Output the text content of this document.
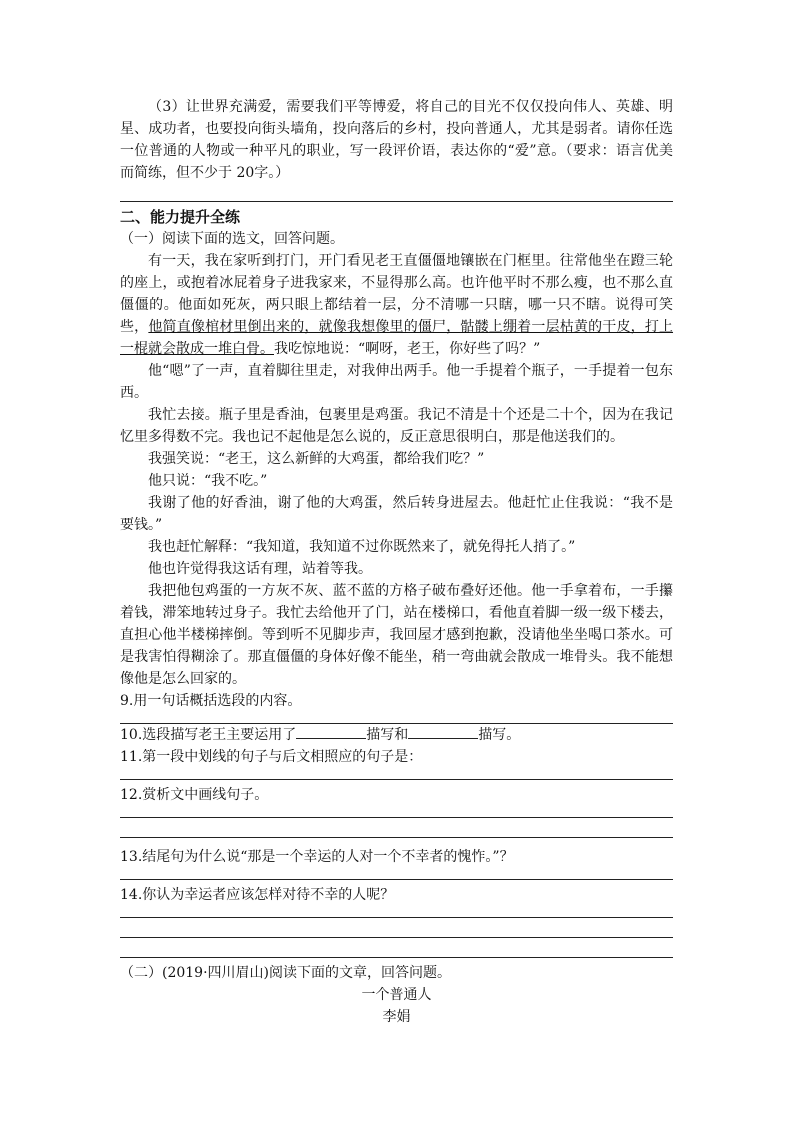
（3）让世界充满爱，需要我们平等博爱，将自己的目光不仅仅投向伟人、英雄、明星、成功者，也要投向街头墙角，投向落后的乡村，投向普通人，尤其是弱者。请你任选一位普通的人物或一种平凡的职业，写一段评价语，表达你的“爱”意。（要求：语言优美而简练，但不少于 20字。）

二、能力提升全练

（一）阅读下面的选文，回答问题。

有一天，我在家听到打门，开门看见老王直僵僵地镶嵌在门框里。往常他坐在蹬三轮的座上，或抱着冰屁着身子进我家来，不显得那么高。也许他平时不那么瘦，也不那么直僵僵的。他面如死灰，两只眼上都结着一层，分不清哪一只瞎，哪一只不瞎。说得可笑些，他简直像棺材里倒出来的，就像我想像里的僵尸，骷髅上绷着一层枯黄的干皮，打上一棍就会散成一堆白骨。我吃惊地说：“啊呀，老王，你好些了吗？”

他“嗯”了一声，直着脚往里走，对我伸出两手。他一手提着个瓶子，一手提着一包东西。

我忙去接。瓶子里是香油，包裹里是鸡蛋。我记不清是十个还是二十个，因为在我记忆里多得数不完。我也记不起他是怎么说的，反正意思很明白，那是他送我们的。

我强笑说：“老王，这么新鲜的大鸡蛋，都给我们吃？”

他只说：“我不吃。”

我谢了他的好香油，谢了他的大鸡蛋，然后转身进屋去。他赶忙止住我说：“我不是要钱。”

我也赶忙解释：“我知道，我知道不过你既然来了，就免得托人捎了。”

他也许觉得我这话有理，站着等我。

我把他包鸡蛋的一方灰不灰、蓝不蓝的方格子破布叠好还他。他一手拿着布，一手攥着钱，滞笨地转过身子。我忙去给他开了门，站在楼梯口，看他直着脚一级一级下楼去，直担心他半楼梯摔倒。等到听不见脚步声，我回屋才感到抱歉，没请他坐坐喝口茶水。可是我害怕得糊涂了。那直僵僵的身体好像不能坐，稍一弯曲就会散成一堆骨头。我不能想像他是怎么回家的。

9.用一句话概括选段的内容。

10.选段描写老王主要运用了	描写和	描写。

11.第一段中划线的句子与后文相照应的句子是：

12.赏析文中画线句子。

13.结尾句为什么说“那是一个幸运的人对一个不幸者的愧怍。”？

14.你认为幸运者应该怎样对待不幸的人呢？

（二）(2019·四川眉山)阅读下面的文章，回答问题。

一个普通人

李娟
